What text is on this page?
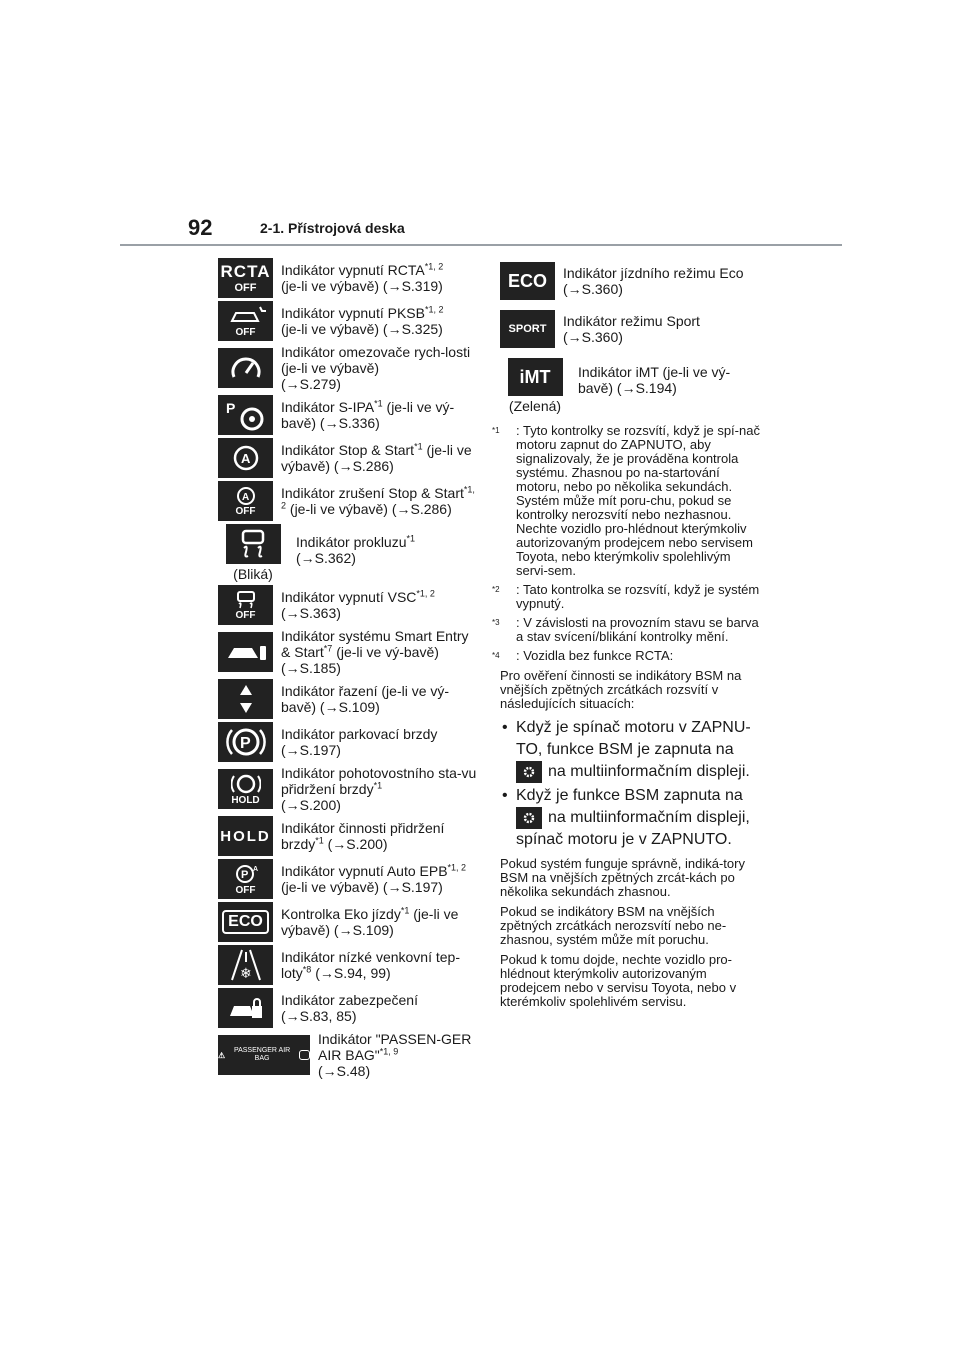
92	2-1. Přístrojová deska
RCTA
OFF
Indikátor vypnutí RCTA$^{*1, 2}$
(je-li ve výbavě) (→S.319)
OFF
Indikátor vypnutí PKSB$^{*1, 2}$
(je-li ve výbavě) (→S.325)
Indikátor omezovače rych-losti (je-li ve výbavě)
(→S.279)
P	Indikátor S-IPA$^{*1}$ (je-li ve vý-bavě) (→S.336)
A
Indikátor Stop & Start$^{*1}$ (je-li ve výbavě) (→S.286)
A
OFF
Indikátor zrušení Stop & Start$^{*1, 2}$ (je-li ve výbavě) (→S.286)
(Bliká)
Indikátor prokluzu$^{*1}$
(→S.362)
OFF
Indikátor vypnutí VSC$^{*1, 2}$
(→S.363)
Indikátor systému Smart Entry & Start$^{*7}$ (je-li ve vý-bavě) (→S.185)
Indikátor řazení (je-li ve vý-bavě) (→S.109)
P
Indikátor parkovací brzdy
(→S.197)
HOLD
Indikátor pohotovostního sta-vu přidržení brzdy$^{*1}$
(→S.200)
HOLD Indikátor činnosti přidržení brzdy$^{*1}$ (→S.200)
P A
OFF
Indikátor vypnutí Auto EPB$^{*1, 2}$ (je-li ve výbavě) (→S.197)
ECO	Kontrolka Eko jízdy$^{*1}$ (je-li ve výbavě) (→S.109)
❄
Indikátor nízké venkovní tep-loty$^{*8}$ (→S.94, 99)
Indikátor zabezpečení
(→S.83, 85)
⚠	PASSENGER AIR BAG
Indikátor "PASSEN-GER AIR BAG"$^{*1, 9}$
(→S.48)
ECO Indikátor jízdního režimu Eco
(→S.360)
SPORT Indikátor režimu Sport
(→S.360)
iMT
(Zelená)
Indikátor iMT (je-li ve vý-bavě) (→S.194)
$^{*1}$ : Tyto kontrolky se rozsvítí, když je spí-nač motoru zapnut do ZAPNUTO, aby signalizovaly, že je prováděna kontrola systému. Zhasnou po na-startování motoru, nebo po několika sekundách. Systém může mít poru-chu, pokud se kontrolky nerozsvítí nebo nezhasnou. Nechte vozidlo pro-hlédnout kterýmkoliv autorizovaným prodejcem nebo servisem Toyota, nebo kterýmkoliv spolehlivým servi-sem.
$^{*2}$ : Tato kontrolka se rozsvítí, když je systém vypnutý.
$^{*3}$ : V závislosti na provozním stavu se barva a stav svícení/blikání kontrolky mění.
$^{*4}$ : Vozidla bez funkce RCTA:
Pro ověření činnosti se indikátory BSM na vnějších zpětných zrcátkách rozsvítí v následujících situacích:
• Když je spínač motoru v ZAPNU-TO, funkce BSM je zapnuta na

na multiinformačním displeji.
• Když je funkce BSM zapnuta na

na multiinformačním displeji, spínač motoru je v ZAPNUTO.
Pokud systém funguje správně, indiká-tory BSM na vnějších zpětných zrcát-kách po několika sekundách zhasnou.
Pokud se indikátory BSM na vnějších zpětných zrcátkách nerozsvítí nebo ne-zhasnou, systém může mít poruchu.
Pokud k tomu dojde, nechte vozidlo pro-hlédnout kterýmkoliv autorizovaným prodejcem nebo v servisu Toyota, nebo v kterémkoliv spolehlivém servisu.
